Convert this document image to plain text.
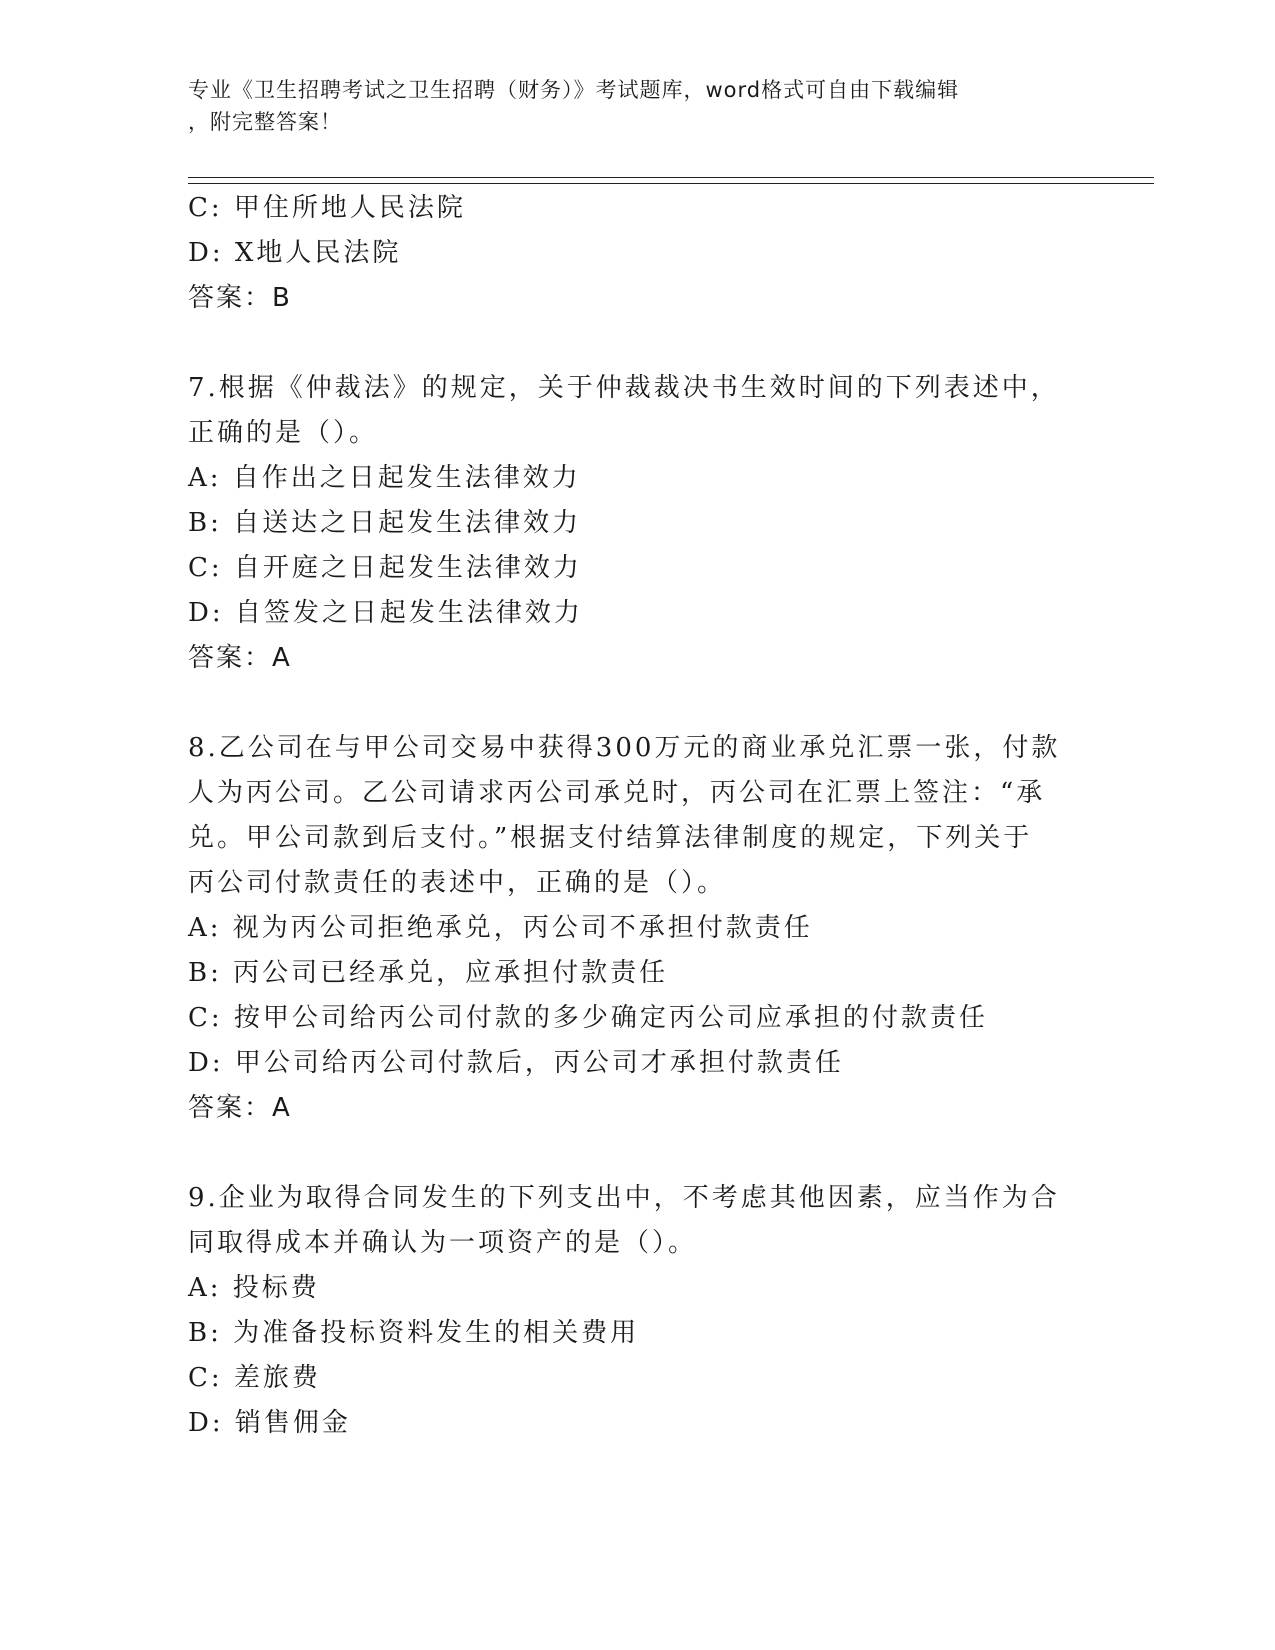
专业《卫生招聘考试之卫生招聘（财务）》考试题库，word格式可自由下载编辑
，附完整答案！
C: 甲住所地人民法院
D: X地人民法院
答案：B
7.根据《仲裁法》的规定，关于仲裁裁决书生效时间的下列表述中，
正确的是（）。
A: 自作出之日起发生法律效力
B: 自送达之日起发生法律效力
C: 自开庭之日起发生法律效力
D: 自签发之日起发生法律效力
答案：A
8.乙公司在与甲公司交易中获得300万元的商业承兑汇票一张，付款
人为丙公司。乙公司请求丙公司承兑时，丙公司在汇票上签注：“承
兑。甲公司款到后支付。”根据支付结算法律制度的规定，下列关于
丙公司付款责任的表述中，正确的是（）。
A: 视为丙公司拒绝承兑，丙公司不承担付款责任
B: 丙公司已经承兑，应承担付款责任
C: 按甲公司给丙公司付款的多少确定丙公司应承担的付款责任
D: 甲公司给丙公司付款后，丙公司才承担付款责任
答案：A
9.企业为取得合同发生的下列支出中，不考虑其他因素，应当作为合
同取得成本并确认为一项资产的是（）。
A: 投标费
B: 为准备投标资料发生的相关费用
C: 差旅费
D: 销售佣金
